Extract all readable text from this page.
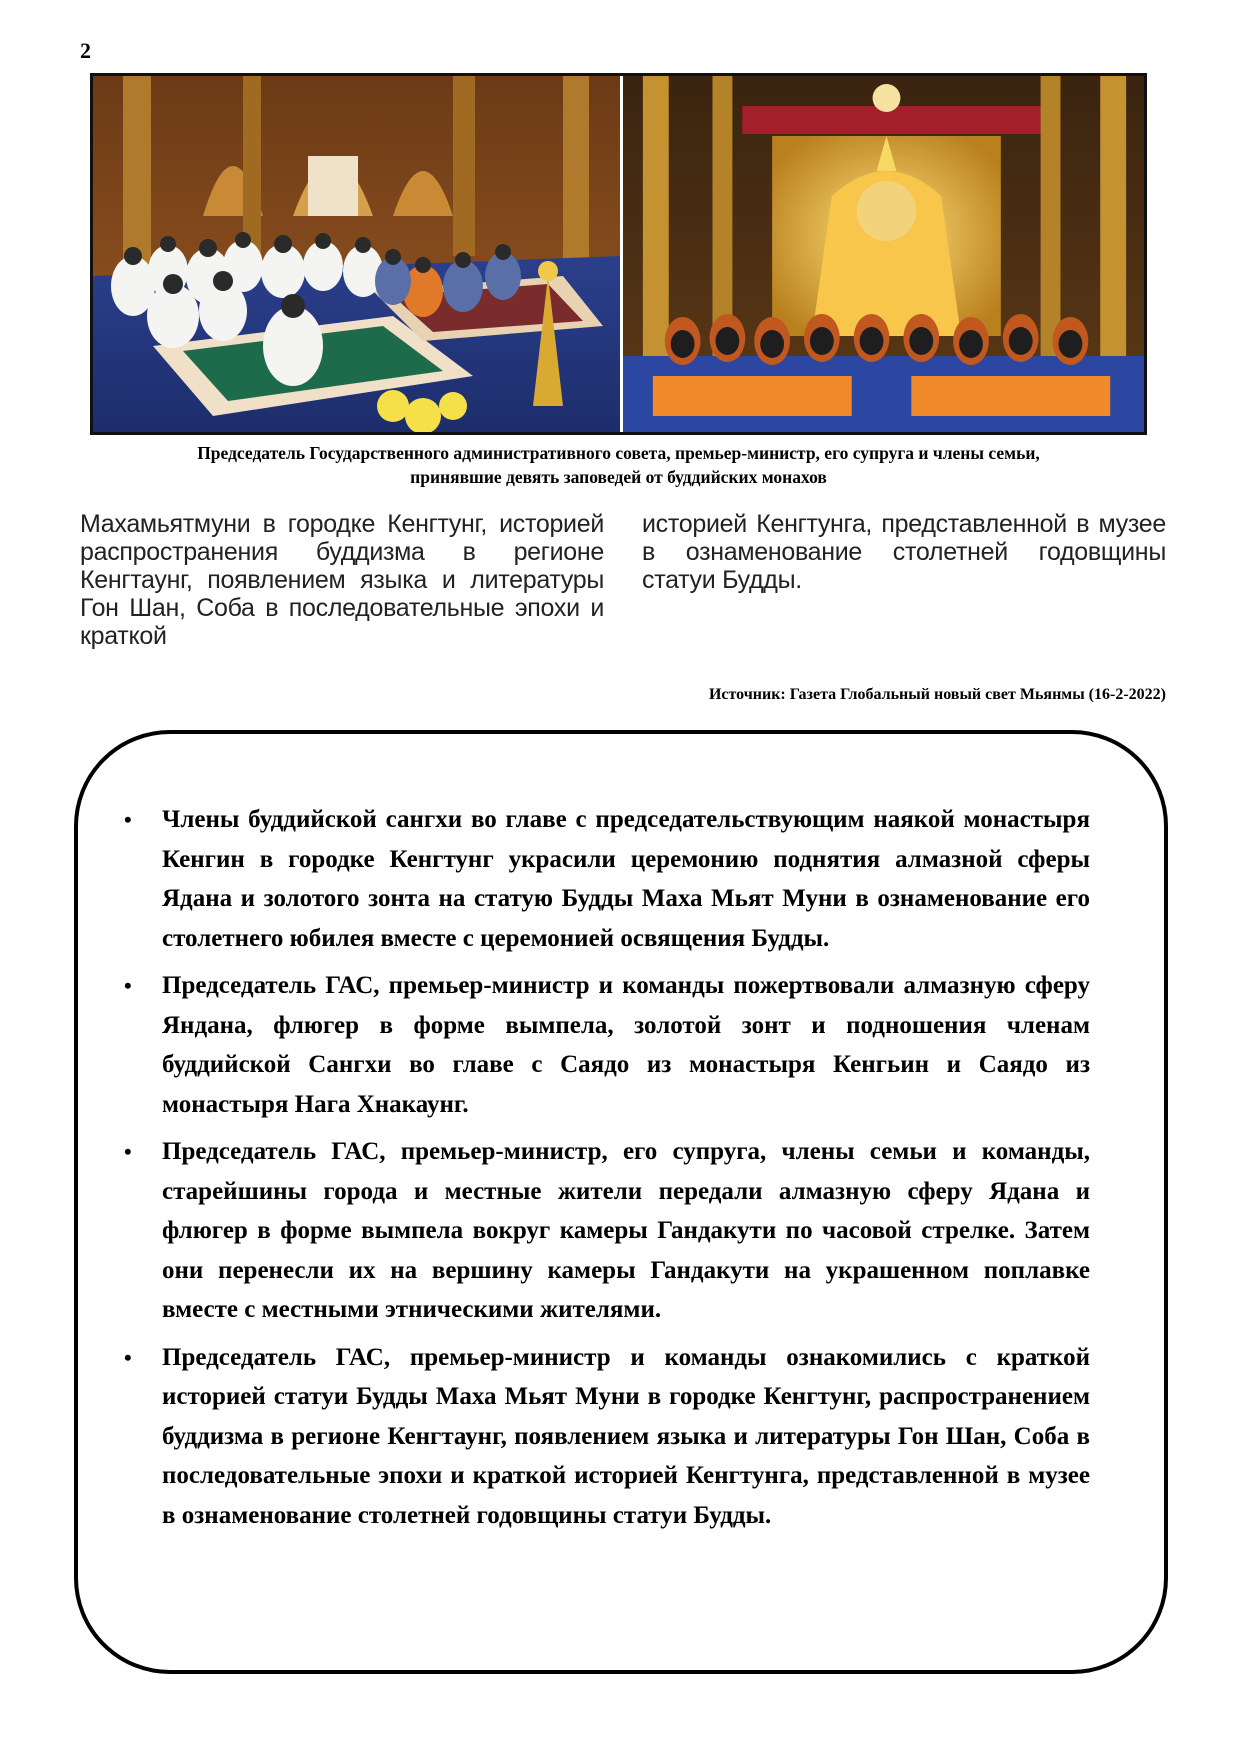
2
Председатель Государственного административного совета, премьер-министр, его супруга и члены семьи,
принявшие девять заповедей от буддийских монахов
Махамьятмуни в городке Кенгтунг, историей распространения буддизма в регионе Кенгтаунг, появлением языка и литературы Гон Шан, Соба в последовательные эпохи и краткой
историей Кенгтунга, представленной в музее в ознаменование столетней годовщины статуи Будды.
Источник: Газета Глобальный новый свет Мьянмы (16-2-2022)
• Члены буддийской сангхи во главе с председательствующим наякой монастыря Кенгин в городке Кенгтунг украсили церемонию поднятия алмазной сферы Ядана и золотого зонта на статую Будды Маха Мьят Муни в ознаменование его столетнего юбилея вместе с церемонией освящения Будды.
• Председатель ГАС, премьер-министр и команды пожертвовали алмазную сферу Яндана, флюгер в форме вымпела, золотой зонт и подношения членам буддийской Сангхи во главе с Саядо из монастыря Кенгьин и Саядо из монастыря Нага Хнакаунг.
• Председатель ГАС, премьер-министр, его супруга, члены семьи и команды, старейшины города и местные жители передали алмазную сферу Ядана и флюгер в форме вымпела вокруг камеры Гандакути по часовой стрелке. Затем они перенесли их на вершину камеры Гандакути на украшенном поплавке вместе с местными этническими жителями.
• Председатель ГАС, премьер-министр и команды ознакомились с краткой историей статуи Будды Маха Мьят Муни в городке Кенгтунг, распространением буддизма в регионе Кенгтаунг, появлением языка и литературы Гон Шан, Соба в последовательные эпохи и краткой историей Кенгтунга, представленной в музее в ознаменование столетней годовщины статуи Будды.
